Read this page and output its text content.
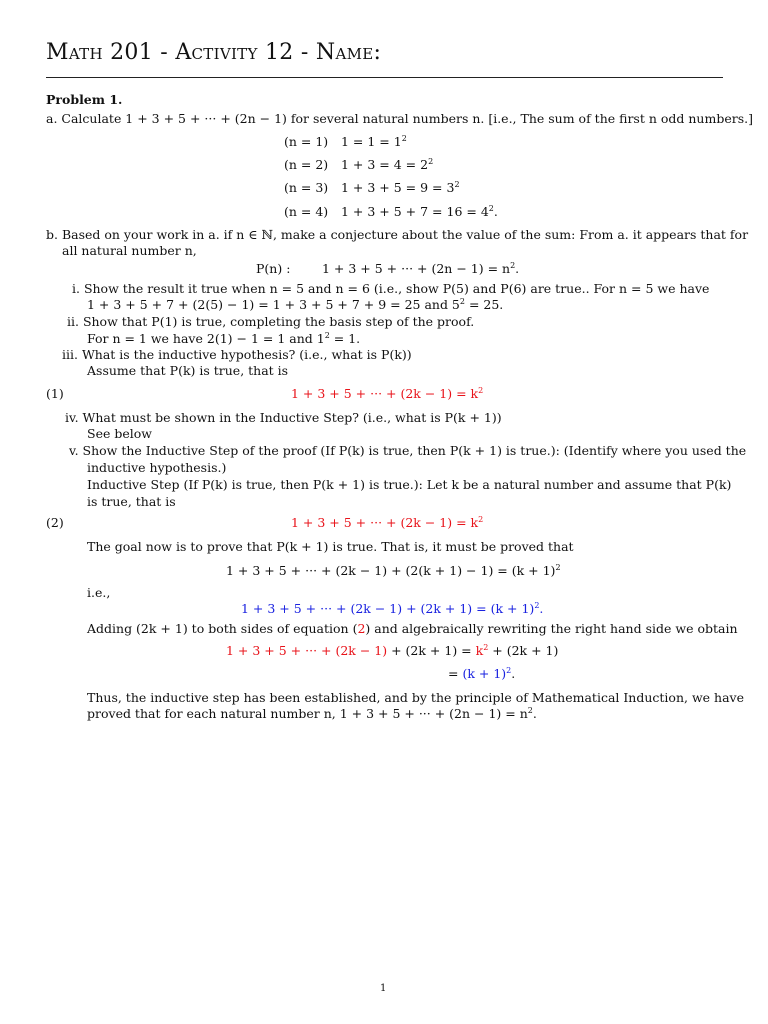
Math 201 - Activity 12 - Name:
Problem 1.
a. Calculate 1 + 3 + 5 + ··· + (2n − 1) for several natural numbers n. [i.e., The sum of the first n odd numbers.]
(n = 1) $1 = 1 = 1^2$
(n = 2) $1 + 3 = 4 = 2^2$
(n = 3) $1 + 3 + 5 = 9 = 3^2$
(n = 4) $1 + 3 + 5 + 7 = 16 = 4^2$.
b. Based on your work in a. if n ∈ ℕ, make a conjecture about the value of the sum: From a. it appears that for
all natural number n,
P(n) :	1 + 3 + 5 + ··· + $(2n - 1) = n^2$.
i. Show the result it true when n = 5 and n = 6 (i.e., show P(5) and P(6) are true.. For n = 5 we have
1 + 3 + 5 + 7 + (2(5) − 1) = 1 + 3 + 5 + 7 + 9 = 25 and $5^2 = 25$.
ii. Show that P(1) is true, completing the basis step of the proof.
For n = 1 we have 2(1) − 1 = 1 and $1^2 = 1$.
iii. What is the inductive hypothesis? (i.e., what is P(k))
Assume that P(k) is true, that is
(1)	1 + 3 + 5 + ··· + $(2k - 1) = k^2$
iv. What must be shown in the Inductive Step? (i.e., what is P(k + 1))
See below
v. Show the Inductive Step of the proof (If P(k) is true, then P(k + 1) is true.): (Identify where you used the
inductive hypothesis.)
Inductive Step (If P(k) is true, then P(k + 1) is true.): Let k be a natural number and assume that P(k)
is true, that is
(2)	1 + 3 + 5 + ··· + $(2k - 1) = k^2$
The goal now is to prove that P(k + 1) is true. That is, it must be proved that
1 + 3 + 5 + ··· + $(2k - 1) + (2(k + 1) - 1) = (k + 1)^2$
i.e.,
1 + 3 + 5 + ··· + $(2k - 1) + (2k + 1) = (k + 1)^2$.
Adding (2k + 1) to both sides of equation (2) and algebraically rewriting the right hand side we obtain
1 + 3 + 5 + ··· + $(2k - 1) + (2k + 1) = k^2 + (2k + 1)$
= $(k + 1)^2$.
Thus, the inductive step has been established, and by the principle of Mathematical Induction, we have
proved that for each natural number n, 1 + 3 + 5 + ··· + $(2n - 1) = n^2$.
1
